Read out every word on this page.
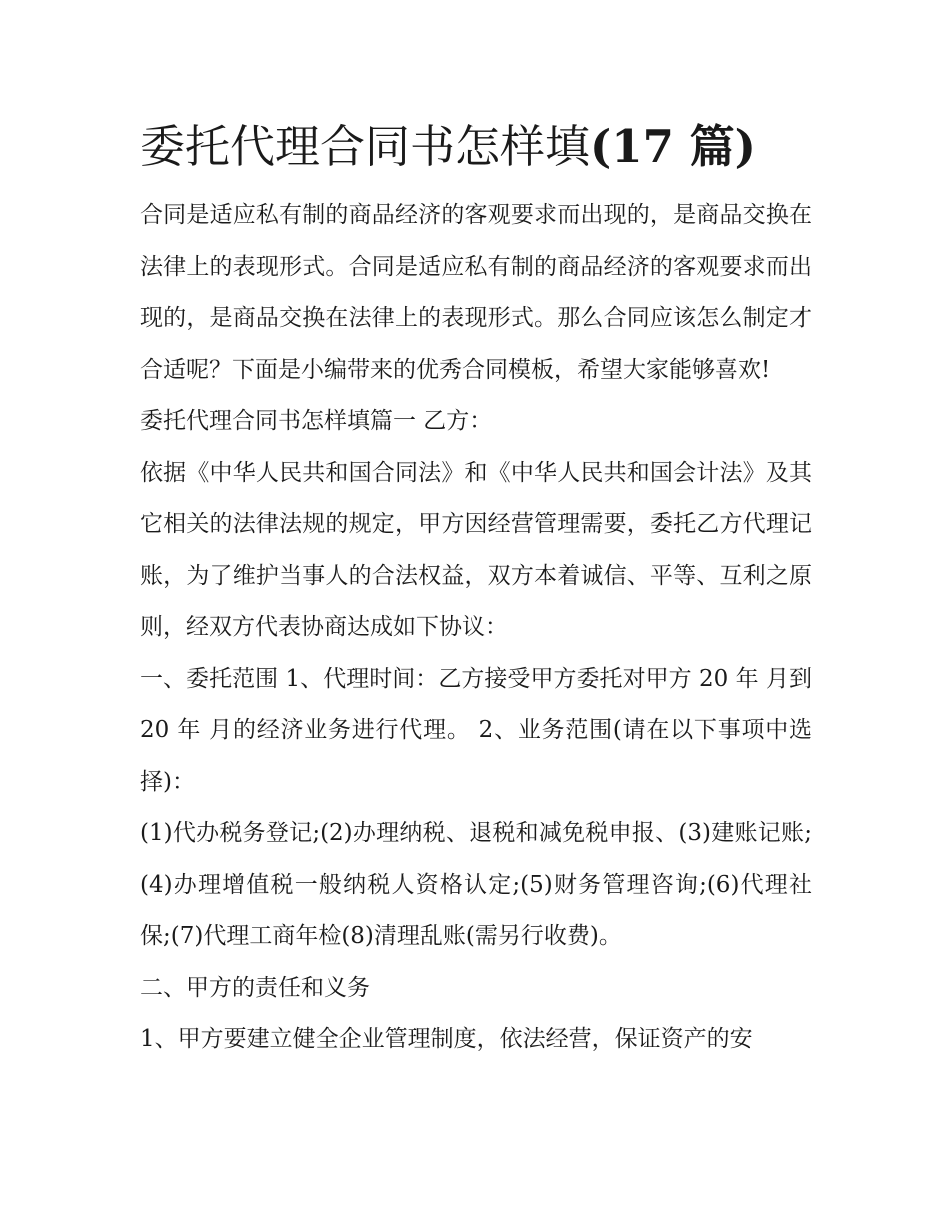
委托代理合同书怎样填(17 篇)

合同是适应私有制的商品经济的客观要求而出现的，是商品交换在法律上的表现形式。合同是适应私有制的商品经济的客观要求而出现的，是商品交换在法律上的表现形式。那么合同应该怎么制定才合适呢？下面是小编带来的优秀合同模板，希望大家能够喜欢!

委托代理合同书怎样填篇一 乙方：

依据《中华人民共和国合同法》和《中华人民共和国会计法》及其它相关的法律法规的规定，甲方因经营管理需要，委托乙方代理记账，为了维护当事人的合法权益，双方本着诚信、平等、互利之原则，经双方代表协商达成如下协议：

一、委托范围 1、代理时间：乙方接受甲方委托对甲方 20 年 月到 20 年 月的经济业务进行代理。 2、业务范围(请在以下事项中选择)：

(1)代办税务登记;(2)办理纳税、退税和减免税申报、(3)建账记账;(4)办理增值税一般纳税人资格认定;(5)财务管理咨询;(6)代理社保;(7)代理工商年检(8)清理乱账(需另行收费)。

二、甲方的责任和义务

1、甲方要建立健全企业管理制度，依法经营，保证资产的安
